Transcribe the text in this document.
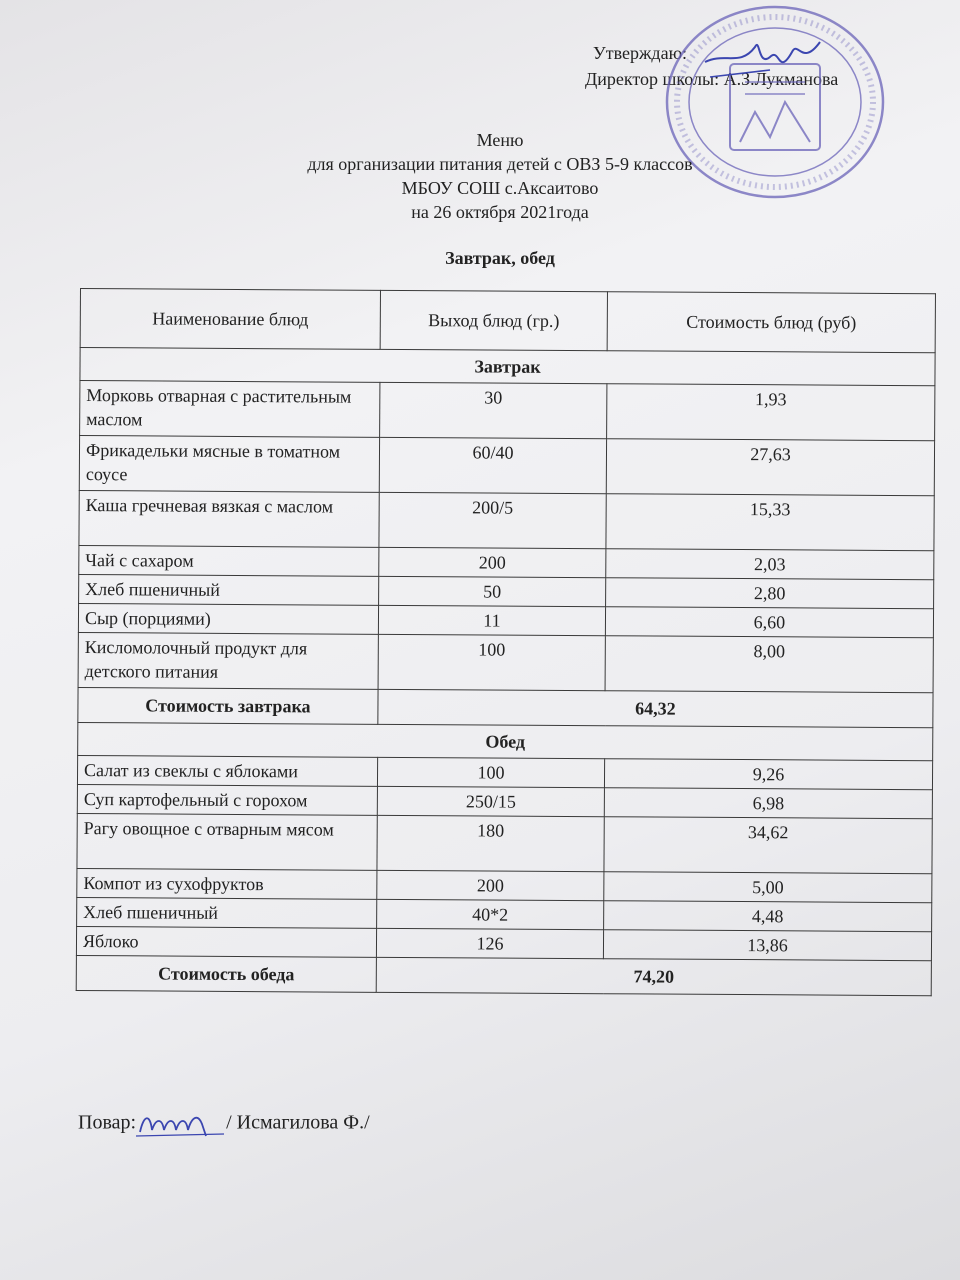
Утверждаю:
Директор школы: А.З.Лукманова
Меню
для организации питания детей с ОВЗ 5-9 классов
МБОУ СОШ с.Аксаитово
на 26 октября 2021года
Завтрак, обед
Наименование блюд	Выход блюд (гр.)	Стоимость блюд (руб)
Завтрак		
Морковь отварная с растительным маслом	30	1,93
Фрикадельки мясные в томатном соусе	60/40	27,63
Каша гречневая вязкая с маслом	200/5	15,33
Чай с сахаром	200	2,03
Хлеб пшеничный	50	2,80
Сыр (порциями)	11	6,60
Кисломолочный продукт для детского питания	100	8,00
Стоимость завтрака	64,32	
Обед		
Салат из свеклы с яблоками	100	9,26
Суп картофельный с горохом	250/15	6,98
Рагу овощное с отварным мясом	180	34,62
Компот из сухофруктов	200	5,00
Хлеб пшеничный	40*2	4,48
Яблоко	126	13,86
Стоимость обеда	74,20	
Повар:	/ Исмагилова Ф./
